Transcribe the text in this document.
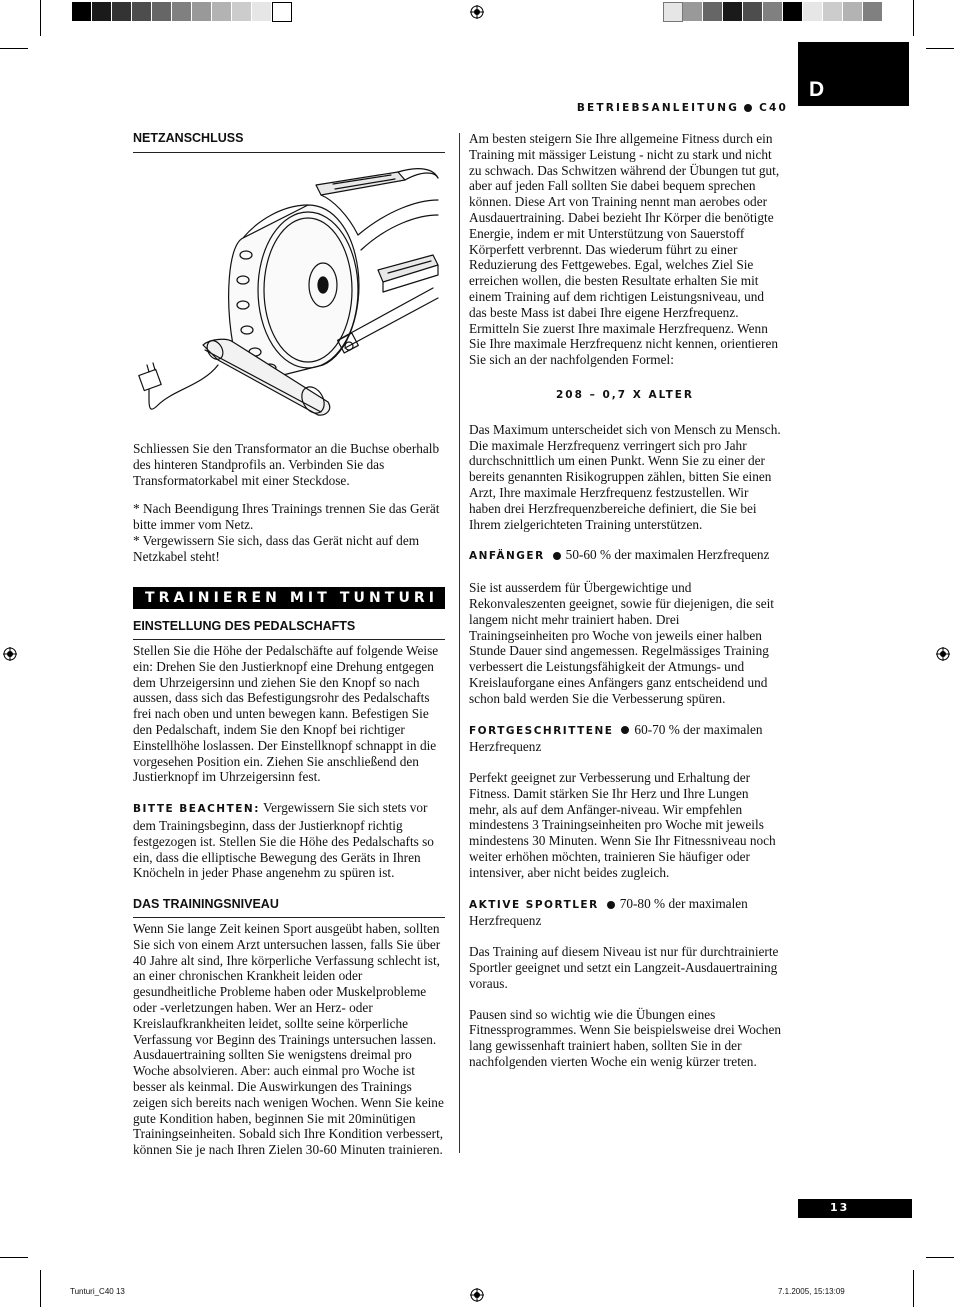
D
BETRIEBSANLEITUNG C40
NETZANSCHLUSS

Schliessen Sie den Transformator an die Buchse oberhalb des hinteren Standprofils an. Verbinden Sie das Transformatorkabel mit einer Steckdose.

* Nach Beendigung Ihres Trainings trennen Sie das Gerät bitte immer vom Netz.

* Vergewissern Sie sich, dass das Gerät nicht auf dem Netzkabel steht!

TRAINIEREN MIT TUNTURI
EINSTELLUNG DES PEDALSCHAFTS

Stellen Sie die Höhe der Pedalschäfte auf folgende Weise ein: Drehen Sie den Justierknopf eine Drehung entgegen dem Uhrzeigersinn und ziehen Sie den Knopf so nach aussen, dass sich das Befestigungsrohr des Pedalschafts frei nach oben und unten bewegen kann. Befestigen Sie den Pedalschaft, indem Sie den Knopf bei richtiger Einstellhöhe loslassen. Der Einstellknopf schnappt in die vorgesehen Position ein. Ziehen Sie anschließend den Justierknopf im Uhrzeigersinn fest.

BITTE BEACHTEN: Vergewissern Sie sich stets vor dem Trainingsbeginn, dass der Justierknopf richtig festgezogen ist. Stellen Sie die Höhe des Pedalschafts so ein, dass die elliptische Bewegung des Geräts in Ihren Knöcheln in jeder Phase angenehm zu spüren ist.

DAS TRAININGSNIVEAU

Wenn Sie lange Zeit keinen Sport ausgeübt haben, sollten Sie sich von einem Arzt untersuchen lassen, falls Sie über 40 Jahre alt sind, Ihre körperliche Verfassung schlecht ist, an einer chronischen Krankheit leiden oder gesundheitliche Probleme haben oder Muskelprobleme oder -verletzungen haben. Wer an Herz- oder Kreislaufkrankheiten leidet, sollte seine körperliche Verfassung vor Beginn des Trainings untersuchen lassen. Ausdauertraining sollten Sie wenigstens dreimal pro Woche absolvieren. Aber: auch einmal pro Woche ist besser als keinmal. Die Auswirkungen des Trainings zeigen sich bereits nach wenigen Wochen. Wenn Sie keine gute Kondition haben, beginnen Sie mit 20minütigen Trainingseinheiten. Sobald sich Ihre Kondition verbessert, können Sie je nach Ihren Zielen 30-60 Minuten trainieren.

Am besten steigern Sie Ihre allgemeine Fitness durch ein Training mit mässiger Leistung - nicht zu stark und nicht zu schwach. Das Schwitzen während der Übungen tut gut, aber auf jeden Fall sollten Sie dabei bequem sprechen können. Diese Art von Training nennt man aerobes oder Ausdauertraining. Dabei bezieht Ihr Körper die benötigte Energie, indem er mit Unterstützung von Sauerstoff Körperfett verbrennt. Das wiederum führt zu einer Reduzierung des Fettgewebes. Egal, welches Ziel Sie erreichen wollen, die besten Resultate erhalten Sie mit einem Training auf dem richtigen Leistungsniveau, und das beste Mass ist dabei Ihre eigene Herzfrequenz. Ermitteln Sie zuerst Ihre maximale Herzfrequenz. Wenn Sie Ihre maximale Herzfrequenz nicht kennen, orientieren Sie sich an der nachfolgenden Formel:

208 – 0,7 X ALTER

Das Maximum unterscheidet sich von Mensch zu Mensch. Die maximale Herzfrequenz verringert sich pro Jahr durchschnittlich um einen Punkt. Wenn Sie zu einer der bereits genannten Risikogruppen zählen, bitten Sie einen Arzt, Ihre maximale Herzfrequenz festzustellen. Wir haben drei Herzfrequenzbereiche definiert, die Sie bei Ihrem zielgerichteten Training unterstützen.

ANFÄNGER 50-60 % der maximalen Herzfrequenz

Sie ist ausserdem für Übergewichtige und Rekonvaleszenten geeignet, sowie für diejenigen, die seit langem nicht mehr trainiert haben. Drei Trainingseinheiten pro Woche von jeweils einer halben Stunde Dauer sind angemessen. Regelmässiges Training verbessert die Leistungsfähigkeit der Atmungs- und Kreislauforgane eines Anfängers ganz entscheidend und schon bald werden Sie die Verbesserung spüren.

FORTGESCHRITTENE 60-70 % der maximalen Herzfrequenz

Perfekt geeignet zur Verbesserung und Erhaltung der Fitness. Damit stärken Sie Ihr Herz und Ihre Lungen mehr, als auf dem Anfänger-niveau. Wir empfehlen mindestens 3 Trainingseinheiten pro Woche mit jeweils mindestens 30 Minuten. Wenn Sie Ihr Fitnessniveau noch weiter erhöhen möchten, trainieren Sie häufiger oder intensiver, aber nicht beides zugleich.

AKTIVE SPORTLER 70-80 % der maximalen Herzfrequenz

Das Training auf diesem Niveau ist nur für durchtrainierte Sportler geeignet und setzt ein Langzeit-Ausdauertraining voraus.

Pausen sind so wichtig wie die Übungen eines Fitnessprogrammes. Wenn Sie beispielsweise drei Wochen lang gewissenhaft trainiert haben, sollten Sie in der nachfolgenden vierten Woche ein wenig kürzer treten.

13
Tunturi_C40 13	7.1.2005, 15:13:09
